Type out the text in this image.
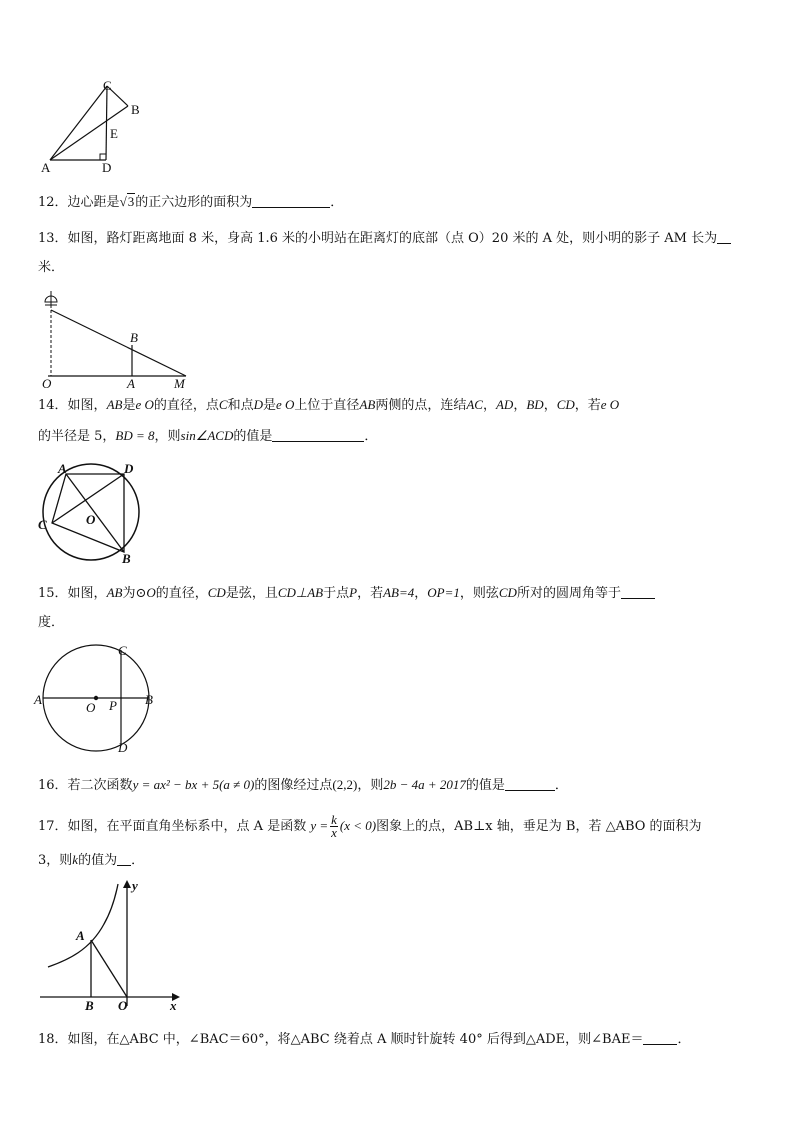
C
B
E
A	D
12．边心距是√3的正六边形的面积为	．
13．如图，路灯距离地面 8 米，身高 1.6 米的小明站在距离灯的底部（点 O）20 米的 A 处，则小明的影子 AM 长为
米．
B
O	A	M
14．如图，AB是e O的直径，点C和点D是e O上位于直径AB两侧的点，连结AC，AD，BD，CD，若e O
的半径是 5，BD = 8，则sin∠ACD的值是	．
A	D
C	O
B
15．如图，AB为⊙O的直径，CD是弦，且CD⊥AB于点P，若AB=4，OP=1，则弦CD所对的圆周角等于
度．
A
O P B
C
D
16．若二次函数y = ax² − bx + 5(a ≠ 0)的图像经过点(2,2)，则2b − 4a + 2017的值是	．
17．如图，在平面直角坐标系中，点 A 是函数 $y = \frac{k}{x} (x < 0)$图象上的点，AB⊥x 轴，垂足为 B，若 △ABO 的面积为
3，则k的值为 ．
y
A
B O	x
18．如图，在△ABC 中，∠BAC＝60°，将△ABC 绕着点 A 顺时针旋转 40° 后得到△ADE，则∠BAE＝	．
